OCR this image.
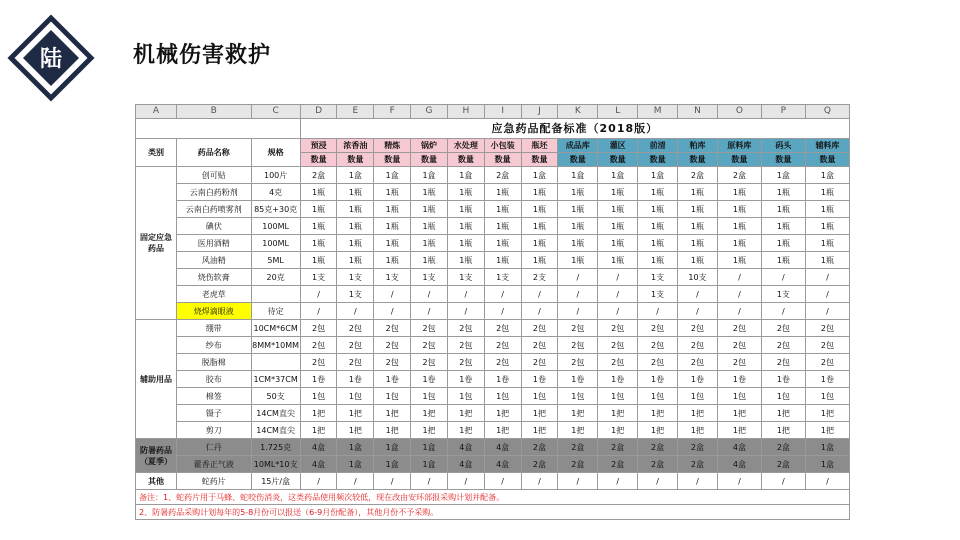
陆	机械伤害救护
A	B	C	D	E	F	G	H	I	J	K	L	M	N	O	P	Q
			应急药品配备标准（2018版）													
类别	药品名称	规格	预浸	浓香油	精炼	锅炉	水处理	小包装	瓶坯	成品库	灌区	前清	粕库	原料库	码头	辅料库
			数量	数量	数量	数量	数量	数量	数量	数量	数量	数量	数量	数量	数量	数量
固定应急药品	创可贴	100片	2盒	1盒	1盒	1盒	1盒	2盒	1盒	1盒	1盒	1盒	2盒	2盒	1盒	1盒
	云南白药粉剂	4克	1瓶	1瓶	1瓶	1瓶	1瓶	1瓶	1瓶	1瓶	1瓶	1瓶	1瓶	1瓶	1瓶	1瓶
	云南白药喷雾剂	85克+30克	1瓶	1瓶	1瓶	1瓶	1瓶	1瓶	1瓶	1瓶	1瓶	1瓶	1瓶	1瓶	1瓶	1瓶
	碘伏	100ML	1瓶	1瓶	1瓶	1瓶	1瓶	1瓶	1瓶	1瓶	1瓶	1瓶	1瓶	1瓶	1瓶	1瓶
	医用酒精	100ML	1瓶	1瓶	1瓶	1瓶	1瓶	1瓶	1瓶	1瓶	1瓶	1瓶	1瓶	1瓶	1瓶	1瓶
	风油精	5ML	1瓶	1瓶	1瓶	1瓶	1瓶	1瓶	1瓶	1瓶	1瓶	1瓶	1瓶	1瓶	1瓶	1瓶
	烧伤软膏	20克	1支	1支	1支	1支	1支	1支	2支	/	/	1支	10支	/	/	/
	老虎草		/	1支	/	/	/	/	/	/	/	1支	/	/	1支	/
	烧焊滴眼液	待定	/	/	/	/	/	/	/	/	/	/	/	/	/	/
辅助用品	绷带	10CM*6CM	2包	2包	2包	2包	2包	2包	2包	2包	2包	2包	2包	2包	2包	2包
	纱布	8MM*10MM	2包	2包	2包	2包	2包	2包	2包	2包	2包	2包	2包	2包	2包	2包
	脱脂棉		2包	2包	2包	2包	2包	2包	2包	2包	2包	2包	2包	2包	2包	2包
	胶布	1CM*37CM	1卷	1卷	1卷	1卷	1卷	1卷	1卷	1卷	1卷	1卷	1卷	1卷	1卷	1卷
	棉签	50支	1包	1包	1包	1包	1包	1包	1包	1包	1包	1包	1包	1包	1包	1包
	镊子	14CM直尖	1把	1把	1把	1把	1把	1把	1把	1把	1把	1把	1把	1把	1把	1把
	剪刀	14CM直尖	1把	1把	1把	1把	1把	1把	1把	1把	1把	1把	1把	1把	1把	1把
防暑药品（夏季）	仁丹	1.725克	4盒	1盒	1盒	1盒	4盒	4盒	2盒	2盒	2盒	2盒	2盒	4盒	2盒	1盒
	藿香正气液	10ML*10支	4盒	1盒	1盒	1盒	4盒	4盒	2盒	2盒	2盒	2盒	2盒	4盒	2盒	1盒
其他	蛇药片	15片/盒	/	/	/	/	/	/	/	/	/	/	/	/	/	/
备注：1、蛇药片用于马蜂、蛇咬伤消炎，这类药品使用频次较低，现在改由安环部报采购计划并配备。																
2、防暑药品采购计划每年的5-8月份可以报送（6-9月份配备），其他月份不予采购。																
